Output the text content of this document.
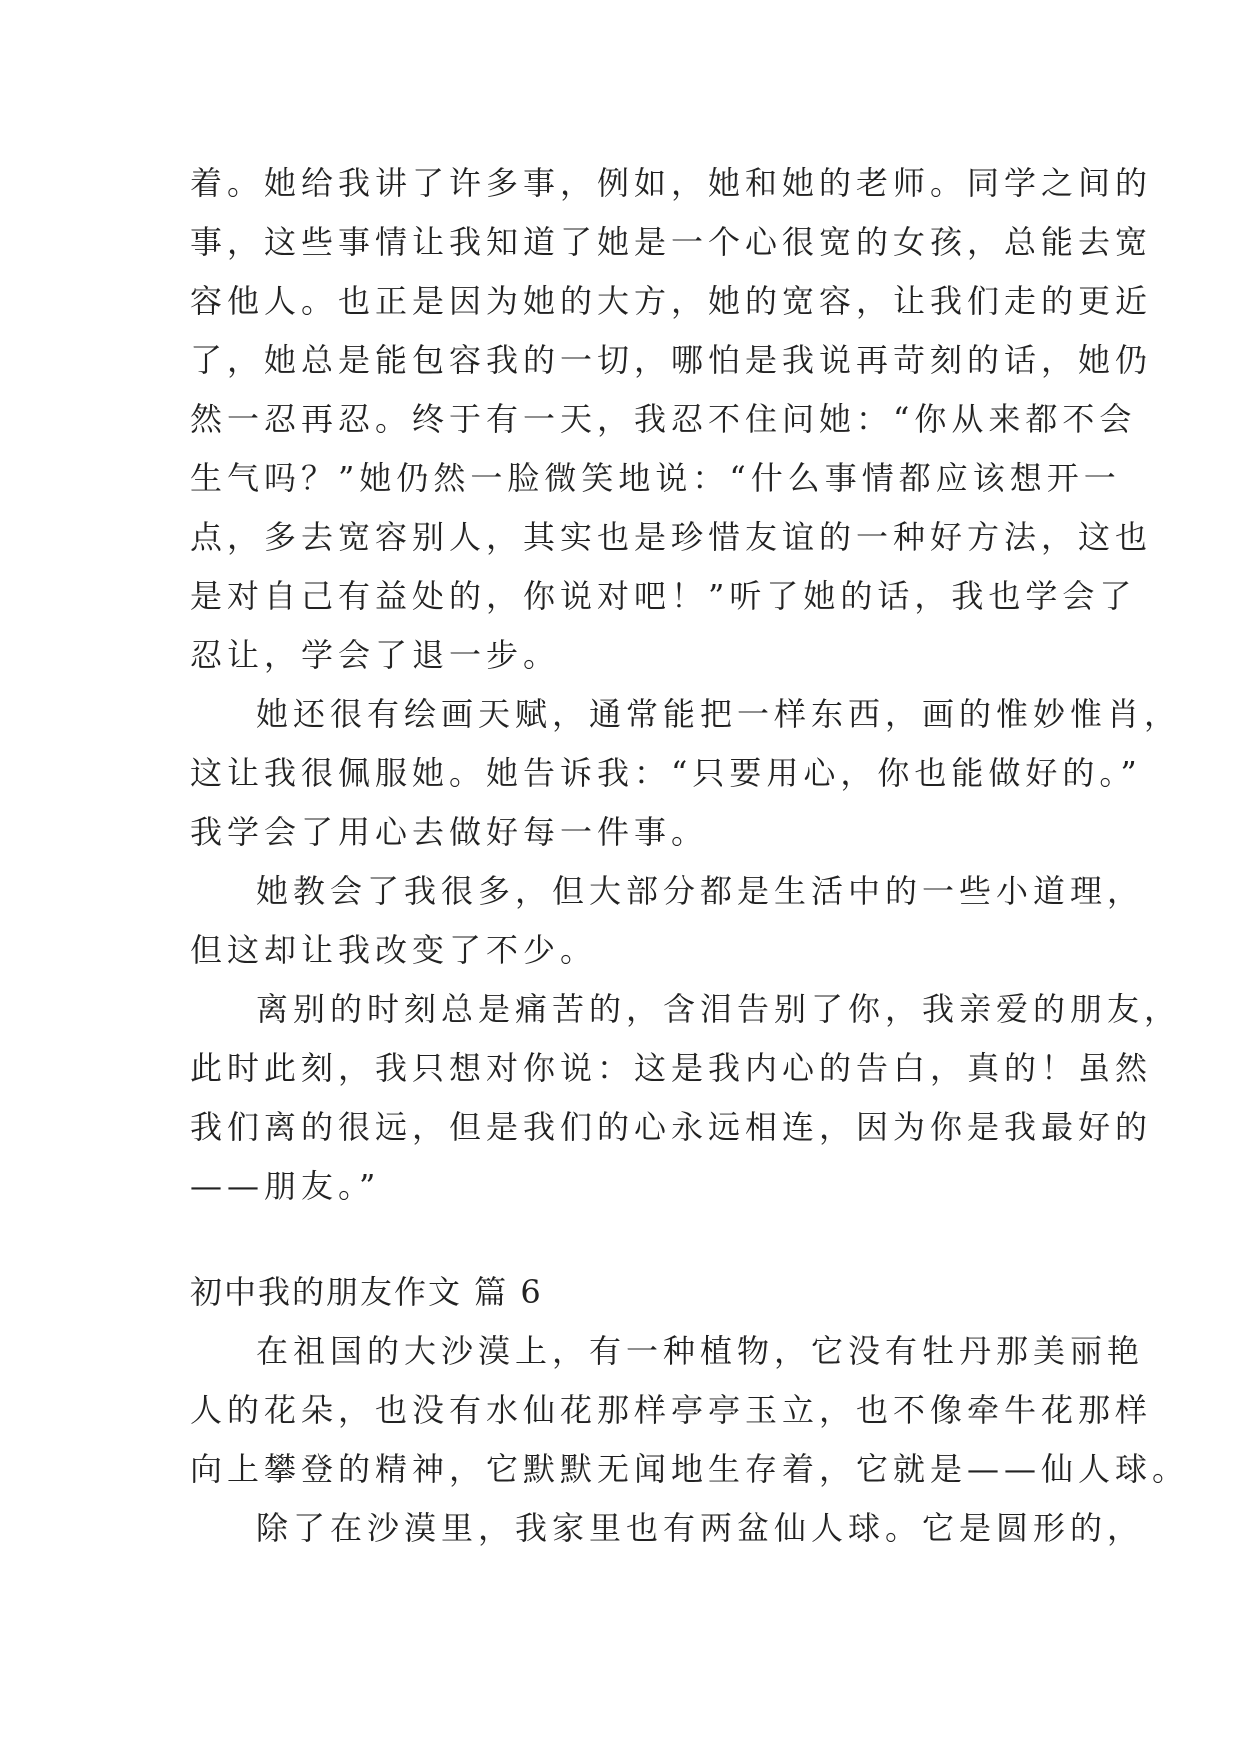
着。她给我讲了许多事，例如，她和她的老师。同学之间的
事，这些事情让我知道了她是一个心很宽的女孩，总能去宽
容他人。也正是因为她的大方，她的宽容，让我们走的更近
了，她总是能包容我的一切，哪怕是我说再苛刻的话，她仍
然一忍再忍。终于有一天，我忍不住问她：“你从来都不会
生气吗？”她仍然一脸微笑地说：“什么事情都应该想开一
点，多去宽容别人，其实也是珍惜友谊的一种好方法，这也
是对自己有益处的，你说对吧！”听了她的话，我也学会了
忍让，学会了退一步。
她还很有绘画天赋，通常能把一样东西，画的惟妙惟肖，
这让我很佩服她。她告诉我：“只要用心，你也能做好的。”
我学会了用心去做好每一件事。
她教会了我很多，但大部分都是生活中的一些小道理，
但这却让我改变了不少。
离别的时刻总是痛苦的，含泪告别了你，我亲爱的朋友，
此时此刻，我只想对你说：这是我内心的告白，真的！虽然
我们离的很远，但是我们的心永远相连，因为你是我最好的
——朋友。”
初中我的朋友作文 篇 6
在祖国的大沙漠上，有一种植物，它没有牡丹那美丽艳
人的花朵，也没有水仙花那样亭亭玉立，也不像牵牛花那样
向上攀登的精神，它默默无闻地生存着，它就是——仙人球。
除了在沙漠里，我家里也有两盆仙人球。它是圆形的，
